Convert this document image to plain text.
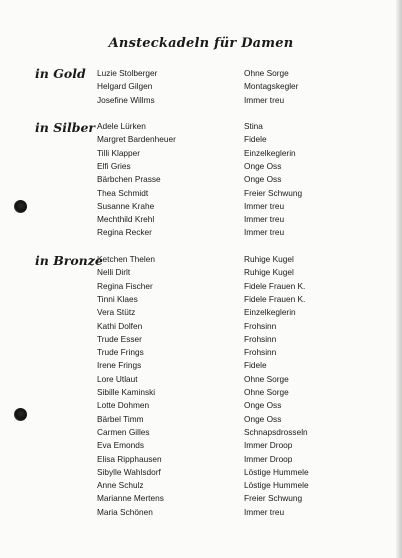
Ansteckadeln für Damen
in Gold Luzie Stolberger	Ohne Sorge
Helgard Gilgen	Montagskegler
Josefine Willms	Immer treu
in Silber Adele Lürken	Stina
Margret Bardenheuer	Fidele
Tilli Klapper	Einzelkeglerin
Elfi Gries	Onge Oss
Bärbchen Prasse	Onge Oss
Thea Schmidt	Freier Schwung
Susanne Krahe	Immer treu
Mechthild Krehl	Immer treu
Regina Recker	Immer treu
in Bronze
Ketchen Thelen	Ruhige Kugel
Nelli Dirlt	Ruhige Kugel
Regina Fischer	Fidele Frauen K.
Tinni Klaes	Fidele Frauen K.
Vera Stütz	Einzelkeglerin
Kathi Dolfen	Frohsinn
Trude Esser	Frohsinn
Trude Frings	Frohsinn
Irene Frings	Fidele
Lore Utlaut	Ohne Sorge
Sibille Kaminski	Ohne Sorge
Lotte Dohmen	Onge Oss
Bärbel Timm	Onge Oss
Carmen Gilles	Schnapsdrosseln
Eva Emonds	Immer Droop
Elisa Ripphausen	Immer Droop
Sibylle Wahlsdorf	Löstige Hummele
Anne Schulz	Löstige Hummele
Marianne Mertens	Freier Schwung
Maria Schönen	Immer treu
